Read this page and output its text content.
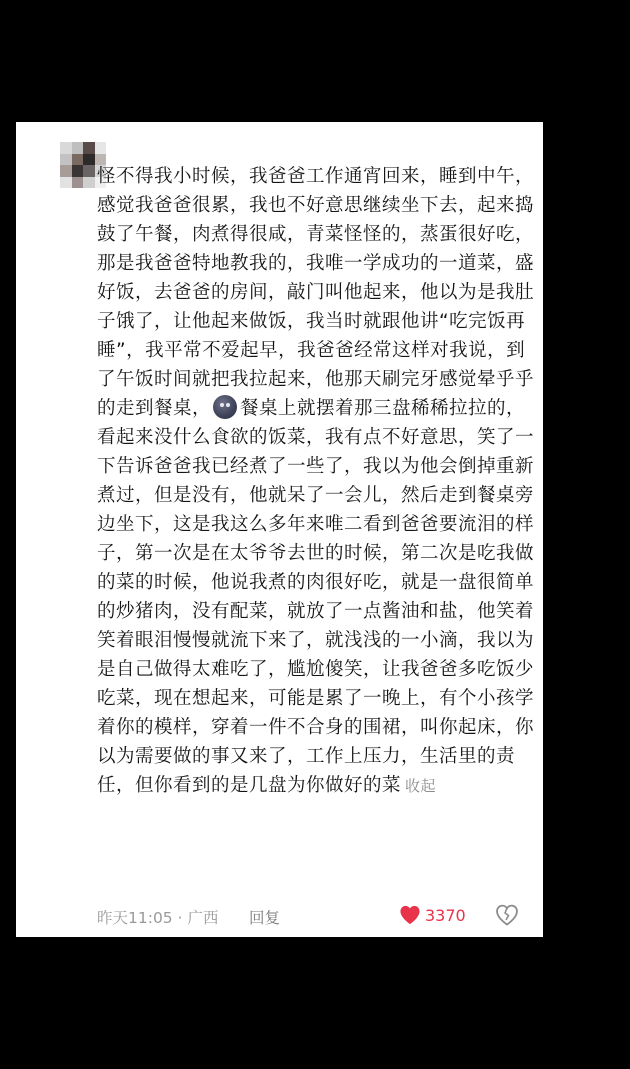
怪不得我小时候，我爸爸工作通宵回来，睡到中午，感觉我爸爸很累，我也不好意思继续坐下去，起来捣鼓了午餐，肉煮得很咸，青菜怪怪的，蒸蛋很好吃，那是我爸爸特地教我的，我唯一学成功的一道菜，盛好饭，去爸爸的房间，敲门叫他起来，他以为是我肚子饿了，让他起来做饭，我当时就跟他讲“吃完饭再睡”，我平常不爱起早，我爸爸经常这样对我说，到了午饭时间就把我拉起来，他那天刷完牙感觉晕乎乎的走到餐桌， 餐桌上就摆着那三盘稀稀拉拉的，看起来没什么食欲的饭菜，我有点不好意思，笑了一下告诉爸爸我已经煮了一些了，我以为他会倒掉重新煮过，但是没有，他就呆了一会儿，然后走到餐桌旁边坐下，这是我这么多年来唯二看到爸爸要流泪的样子，第一次是在太爷爷去世的时候，第二次是吃我做的菜的时候，他说我煮的肉很好吃，就是一盘很简单的炒猪肉，没有配菜，就放了一点酱油和盐，他笑着笑着眼泪慢慢就流下来了，就浅浅的一小滴，我以为是自己做得太难吃了，尴尬傻笑，让我爸爸多吃饭少吃菜，现在想起来，可能是累了一晚上，有个小孩学着你的模样，穿着一件不合身的围裙，叫你起床，你以为需要做的事又来了，工作上压力，生活里的责任，但你看到的是几盘为你做好的菜 收起
昨天11:05 · 广西 回复	3370
